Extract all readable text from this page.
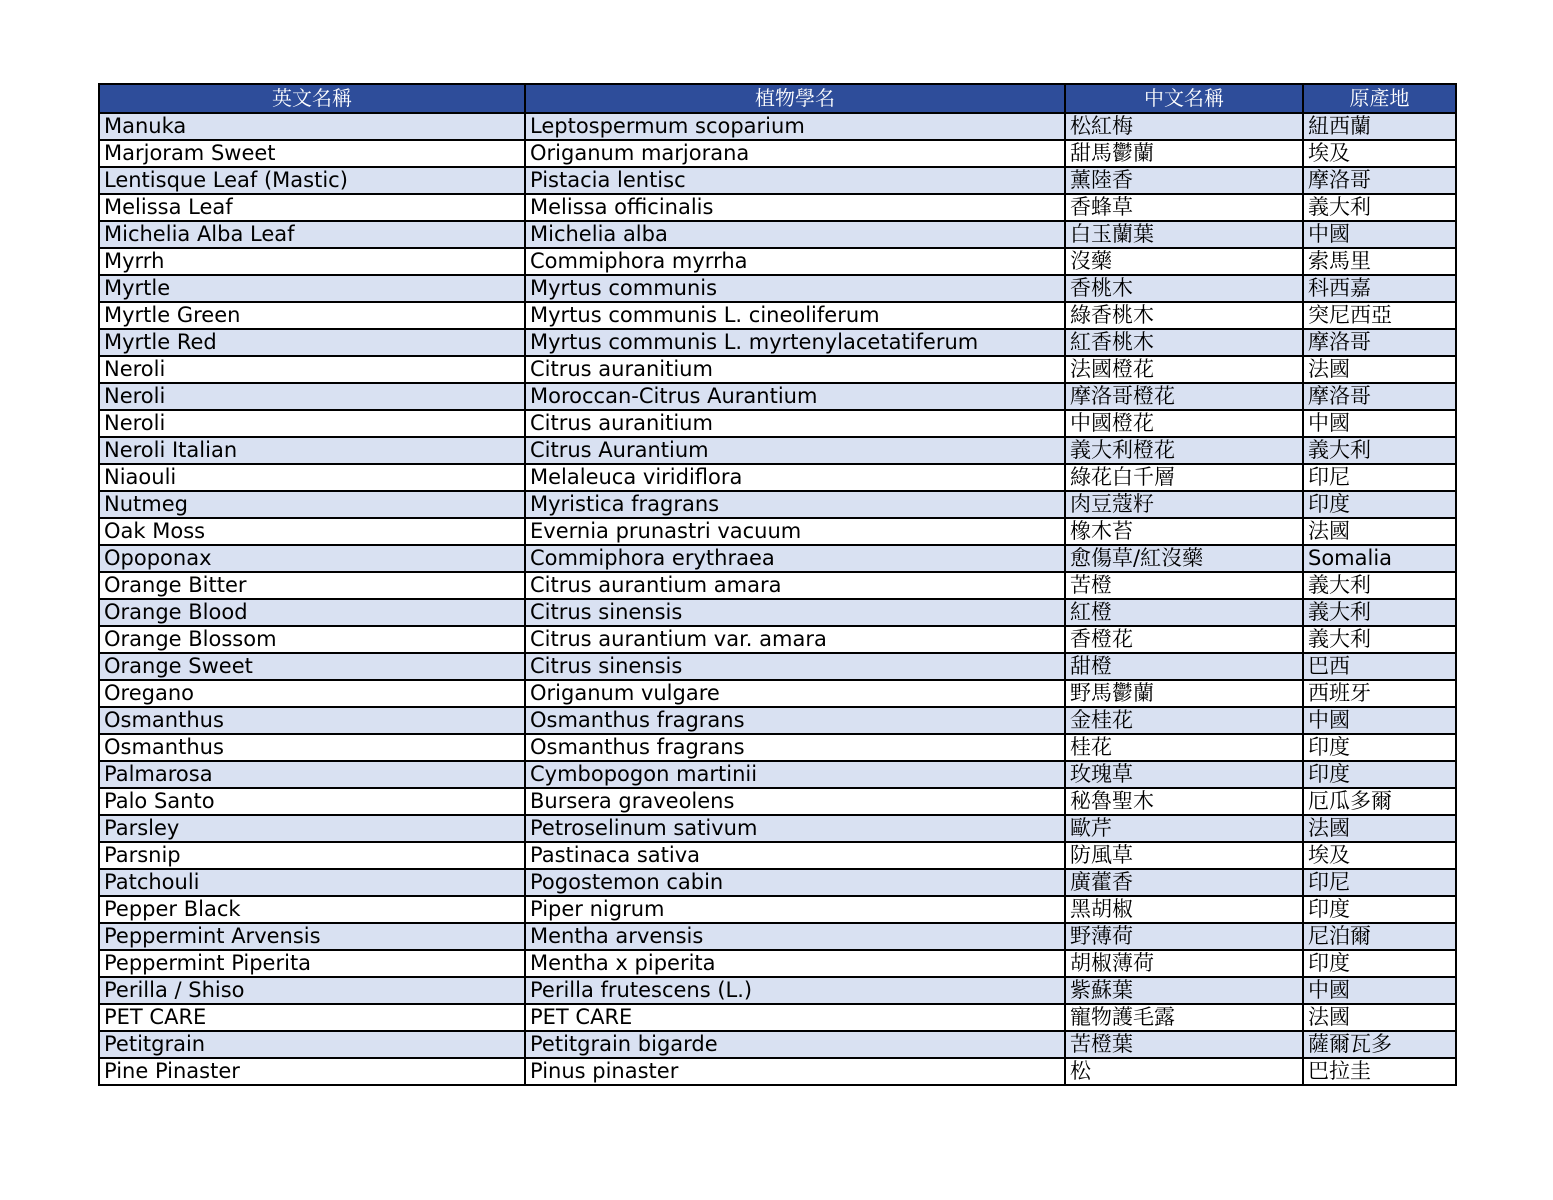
英文名稱	植物學名	中文名稱	原產地
Manuka	Leptospermum scoparium	松紅梅	紐西蘭
Marjoram Sweet	Origanum marjorana	甜馬鬱蘭	埃及
Lentisque Leaf (Mastic)	Pistacia lentisc	薰陸香	摩洛哥
Melissa Leaf	Melissa officinalis	香蜂草	義大利
Michelia Alba Leaf	Michelia alba	白玉蘭葉	中國
Myrrh	Commiphora myrrha	沒藥	索馬里
Myrtle	Myrtus communis	香桃木	科西嘉
Myrtle Green	Myrtus communis L. cineoliferum	綠香桃木	突尼西亞
Myrtle Red	Myrtus communis L. myrtenylacetatiferum	紅香桃木	摩洛哥
Neroli	Citrus auranitium	法國橙花	法國
Neroli	Moroccan-Citrus Aurantium	摩洛哥橙花	摩洛哥
Neroli	Citrus auranitium	中國橙花	中國
Neroli Italian	Citrus Aurantium	義大利橙花	義大利
Niaouli	Melaleuca viridiflora	綠花白千層	印尼
Nutmeg	Myristica fragrans	肉豆蔻籽	印度
Oak Moss	Evernia prunastri vacuum	橡木苔	法國
Opoponax	Commiphora erythraea	愈傷草/紅沒藥	Somalia
Orange Bitter	Citrus aurantium amara	苦橙	義大利
Orange Blood	Citrus sinensis	紅橙	義大利
Orange Blossom	Citrus aurantium var. amara	香橙花	義大利
Orange Sweet	Citrus sinensis	甜橙	巴西
Oregano	Origanum vulgare	野馬鬱蘭	西班牙
Osmanthus	Osmanthus fragrans	金桂花	中國
Osmanthus	Osmanthus fragrans	桂花	印度
Palmarosa	Cymbopogon martinii	玫瑰草	印度
Palo Santo	Bursera graveolens	秘魯聖木	厄瓜多爾
Parsley	Petroselinum sativum	歐芹	法國
Parsnip	Pastinaca sativa	防風草	埃及
Patchouli	Pogostemon cabin	廣藿香	印尼
Pepper Black	Piper nigrum	黑胡椒	印度
Peppermint Arvensis	Mentha arvensis	野薄荷	尼泊爾
Peppermint Piperita	Mentha x piperita	胡椒薄荷	印度
Perilla / Shiso	Perilla frutescens (L.)	紫蘇葉	中國
PET CARE	PET CARE	寵物護毛露	法國
Petitgrain	Petitgrain bigarde	苦橙葉	薩爾瓦多
Pine Pinaster	Pinus pinaster	松	巴拉圭
